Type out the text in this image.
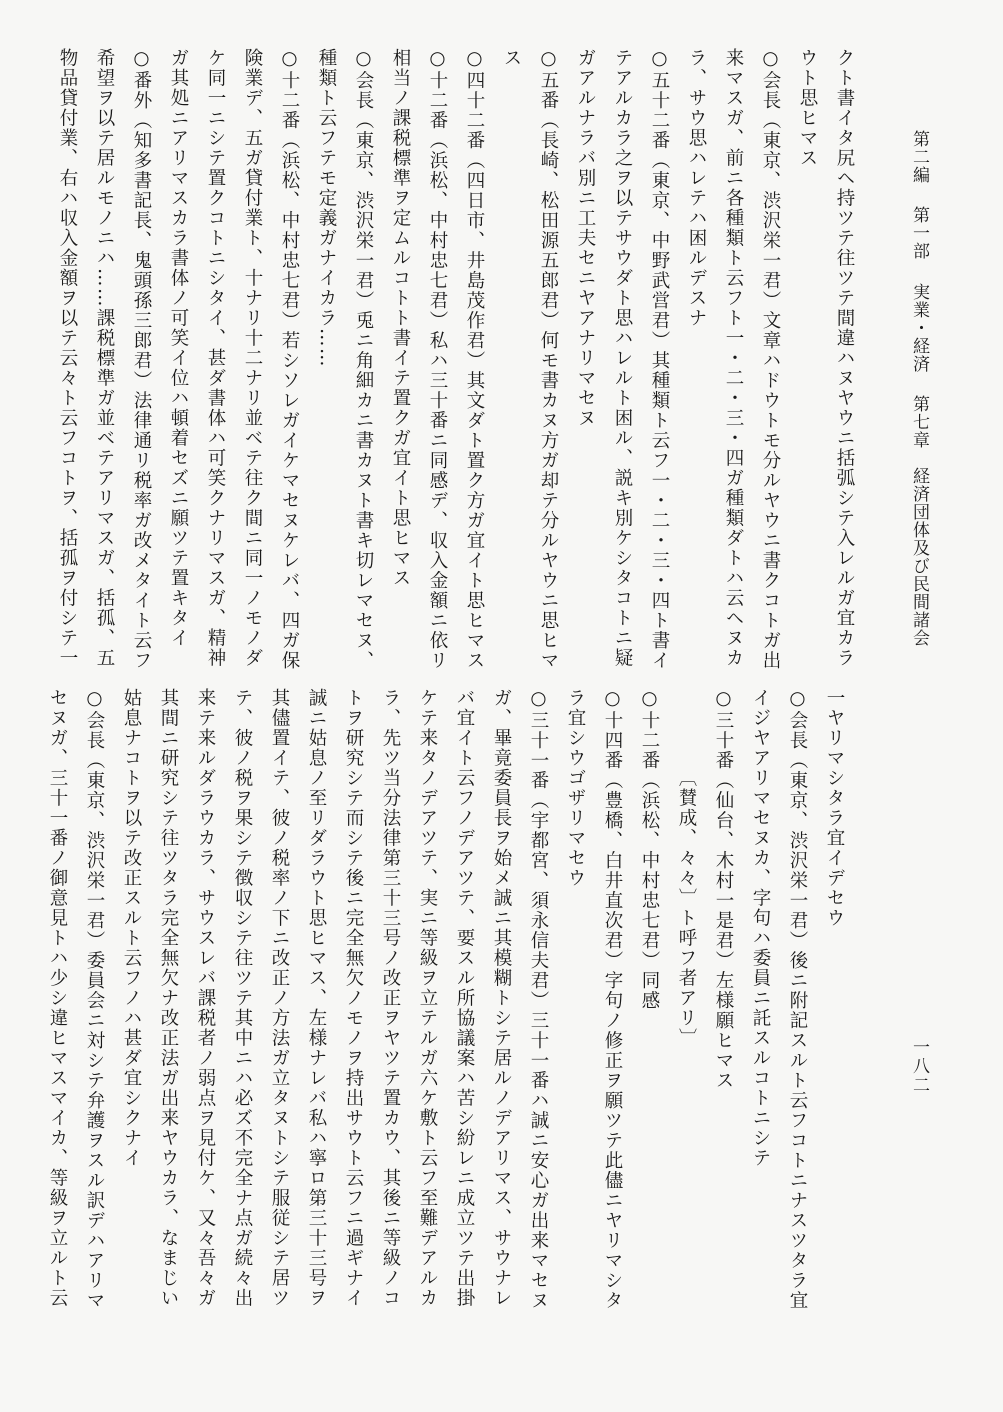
第二編 第一部 実業・経済 第七章　経済団体及び民間諸会
一八二
クト書イタ尻ヘ持ツテ往ツテ間違ハヌヤウニ括弧シテ入レルガ宜カラ
ウト思ヒマス
○会長（東京、渋沢栄一君）文章ハドウトモ分ルヤウニ書クコトガ出
来マスガ、前ニ各種類ト云フト一・二・三・四ガ種類ダトハ云ヘヌカ
ラ、サウ思ハレテハ困ルデスナ
○五十二番（東京、中野武営君）其種類ト云フ一・二・三・四ト書イ
テアルカラ之ヲ以テサウダト思ハレルト困ル、説キ別ケシタコトニ疑
ガアルナラバ別ニ工夫セニヤアナリマセヌ
○五番（長崎、松田源五郎君）何モ書カヌ方ガ却テ分ルヤウニ思ヒマ
ス
○四十二番（四日市、井島茂作君）其文ダト置ク方ガ宜イト思ヒマス
○十二番（浜松、中村忠七君）私ハ三十番ニ同感デ、収入金額ニ依リ
相当ノ課税標準ヲ定ムルコトト書イテ置クガ宜イト思ヒマス
○会長（東京、渋沢栄一君）兎ニ角細カニ書カヌト書キ切レマセヌ、
種類ト云フテモ定義ガナイカラ……
○十二番（浜松、中村忠七君）若シソレガイケマセヌケレバ、四ガ保
険業デ、五ガ貸付業ト、十ナリ十二ナリ並ベテ往ク間ニ同一ノモノダ
ケ同一ニシテ置クコトニシタイ、甚ダ書体ハ可笑クナリマスガ、精神
ガ其処ニアリマスカラ書体ノ可笑イ位ハ頓着セズニ願ツテ置キタイ
○番外（知多書記長、鬼頭孫三郎君）法律通リ税率ガ改メタイト云フ
希望ヲ以テ居ルモノニハ……課税標準ガ並ベテアリマスガ、括孤、五
物品貸付業、右ハ収入金額ヲ以テ云々ト云フコトヲ、括孤ヲ付シテ一
一ヤリマシタラ宜イデセウ
○会長（東京、渋沢栄一君）後ニ附記スルト云フコトニナスツタラ宜
イジヤアリマセヌカ、字句ハ委員ニ託スルコトニシテ
○三十番（仙台、木村一是君）左様願ヒマス
〔賛成、々々〕ト呼フ者アリ〕
○十二番（浜松、中村忠七君）同感
○十四番（豊橋、白井直次君）字句ノ修正ヲ願ツテ此儘ニヤリマシタ
ラ宜シウゴザリマセウ
○三十一番（宇都宮、須永信夫君）三十一番ハ誠ニ安心ガ出来マセヌ
ガ、畢竟委員長ヲ始メ誠ニ其模糊トシテ居ルノデアリマス、サウナレ
バ宜イト云フノデアツテ、要スル所協議案ハ苦シ紛レニ成立ツテ出掛
ケテ来タノデアツテ、実ニ等級ヲ立テルガ六ケ敷ト云フ至難デアルカ
ラ、先ツ当分法律第三十三号ノ改正ヲヤツテ置カウ、其後ニ等級ノコ
トヲ研究シテ而シテ後ニ完全無欠ノモノヲ持出サウト云フニ過ギナイ
誠ニ姑息ノ至リダラウト思ヒマス、左様ナレバ私ハ寧ロ第三十三号ヲ
其儘置イテ、彼ノ税率ノ下ニ改正ノ方法ガ立タヌトシテ服従シテ居ツ
テ、彼ノ税ヲ果シテ徴収シテ往ツテ其中ニハ必ズ不完全ナ点ガ続々出
来テ来ルダラウカラ、サウスレバ課税者ノ弱点ヲ見付ケ、又々吾々ガ
其間ニ研究シテ往ツタラ完全無欠ナ改正法ガ出来ヤウカラ、なまじい
姑息ナコトヲ以テ改正スルト云フノハ甚ダ宜シクナイ
○会長（東京、渋沢栄一君）委員会ニ対シテ弁護ヲスル訳デハアリマ
セヌガ、三十一番ノ御意見トハ少シ違ヒマスマイカ、等級ヲ立ルト云
